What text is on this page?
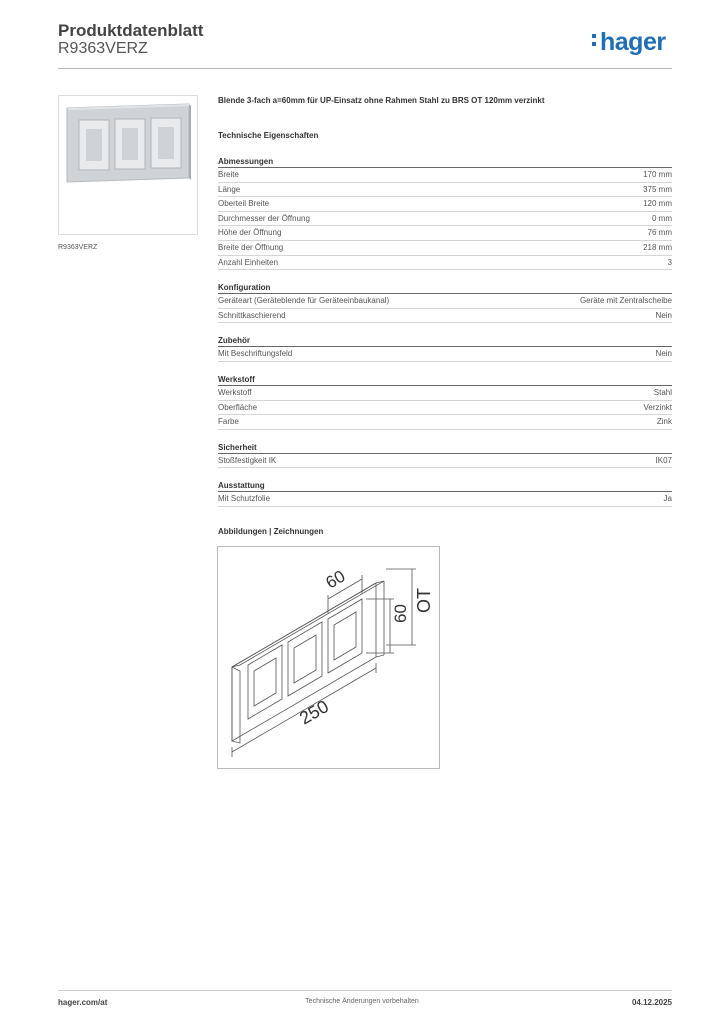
Produktdatenblatt
R9363VERZ	hager
R9363VERZ
Blende 3-fach a=60mm für UP-Einsatz ohne Rahmen Stahl zu BRS OT 120mm verzinkt
Technische Eigenschaften
Abmessungen
Breite	170 mm
Länge	375 mm
Oberteil Breite	120 mm
Durchmesser der Öffnung	0 mm
Höhe der Öffnung	76 mm
Breite der Öffnung	218 mm
Anzahl Einheiten	3
Konfiguration
Geräteart (Geräteblende für Geräteeinbaukanal)	Geräte mit Zentralscheibe
Schnittkaschierend	Nein
Zubehör
Mit Beschriftungsfeld	Nein
Werkstoff
Werkstoff	Stahl
Oberfläche	Verzinkt
Farbe	Zink
Sicherheit
Stoßfestigkeit IK	IK07
Ausstattung
Mit Schutzfolie	Ja
Abbildungen | Zeichnungen
250
60
60
OT
hager.com/at	Technische Änderungen vorbehalten	04.12.2025
